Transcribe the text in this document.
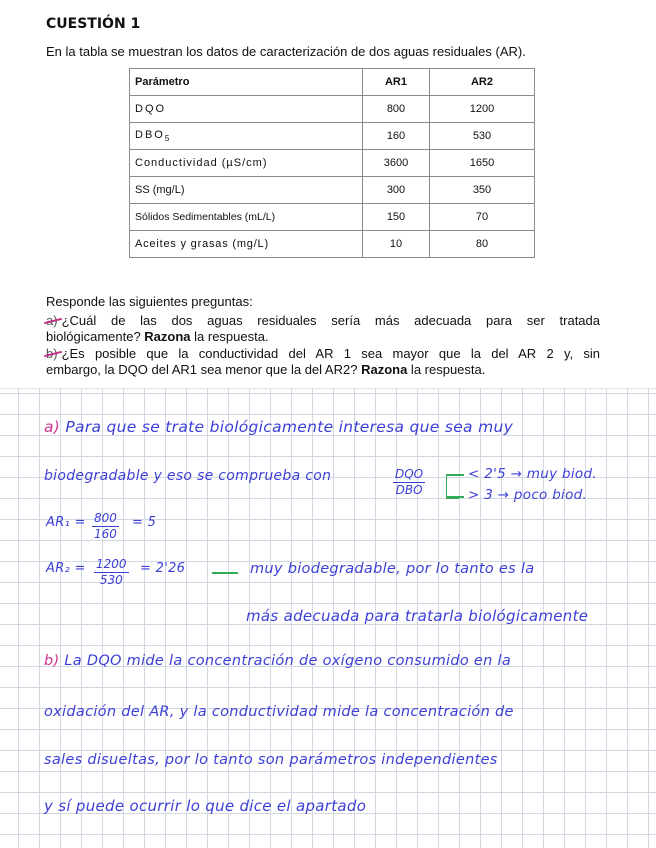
CUESTIÓN 1
En la tabla se muestran los datos de caracterización de dos aguas residuales (AR).
Parámetro	AR1	AR2
DQO	800	1200
$DBO_5$	160	530
Conductividad (µS/cm)	3600	1650
SS (mg/L)	300	350
Sólidos Sedimentables (mL/L)	150	70
Aceites y grasas (mg/L)	10	80
Responde las siguientes preguntas:
¿Cuál de las dos aguas residuales sería más adecuada para ser tratada
biológicamente? Razona la respuesta.
¿Es posible que la conductividad del AR 1 sea mayor que la del AR 2 y, sin
embargo, la DQO del AR1 sea menor que la del AR2? Razona la respuesta.
a) Para que se trate biológicamente interesa que sea muy
biodegradable y eso se comprueba con	DQO
DBO
< 2'5 → muy biod.
> 3 → poco biod.
$AR_1 = \frac{800}{160} = 5$
$AR_2 = \frac{1200}{530} = 2'26$	muy biodegradable, por lo tanto es la
más adecuada para tratarla biológicamente
b) La DQO mide la concentración de oxígeno consumido en la
oxidación del AR, y la conductividad mide la concentración de
sales disueltas, por lo tanto son parámetros independientes
y sí puede ocurrir lo que dice el apartado
